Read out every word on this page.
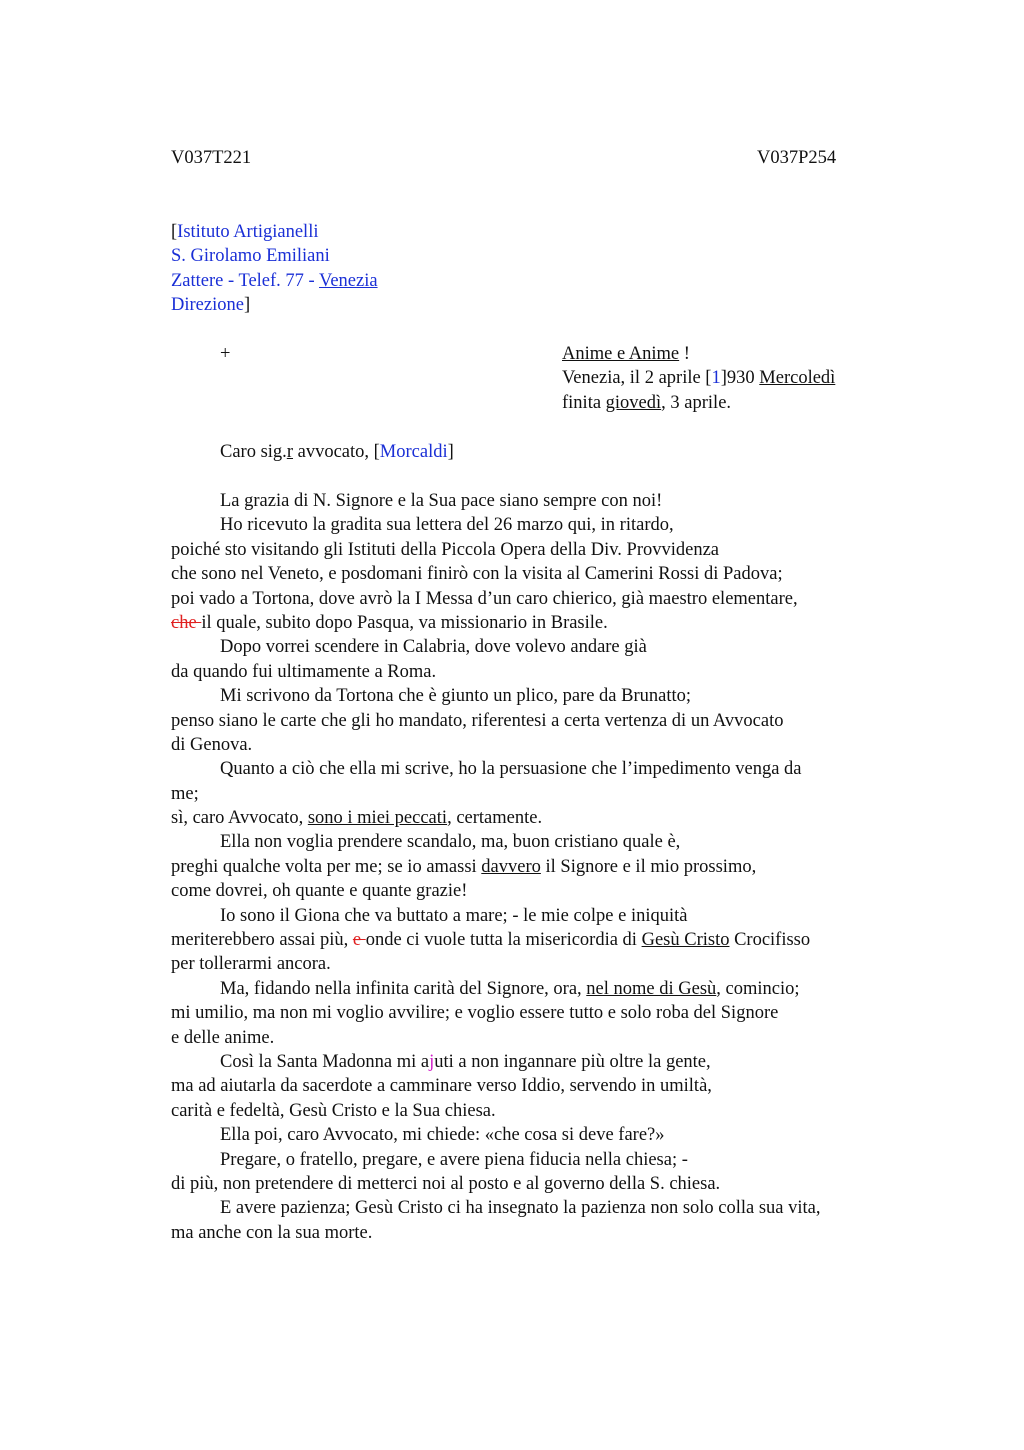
V037T221	V037P254
[Istituto Artigianelli
S. Girolamo Emiliani
Zattere - Telef. 77 - Venezia
Direzione]
+	Anime e Anime !
Venezia, il 2 aprile [1]930 Mercoledì
finita giovedì, 3 aprile.
Caro sig.r avvocato, [Morcaldi]
La grazia di N. Signore e la Sua pace siano sempre con noi!
Ho ricevuto la gradita sua lettera del 26 marzo qui, in ritardo,
poiché sto visitando gli Istituti della Piccola Opera della Div. Provvidenza
che sono nel Veneto, e posdomani finirò con la visita al Camerini Rossi di Padova;
poi vado a Tortona, dove avrò la I Messa d’un caro chierico, già maestro elementare,
che il quale, subito dopo Pasqua, va missionario in Brasile.
Dopo vorrei scendere in Calabria, dove volevo andare già
da quando fui ultimamente a Roma.
Mi scrivono da Tortona che è giunto un plico, pare da Brunatto;
penso siano le carte che gli ho mandato, riferentesi a certa vertenza di un Avvocato
di Genova.
Quanto a ciò che ella mi scrive, ho la persuasione che l’impedimento venga da
me;
sì, caro Avvocato, sono i miei peccati, certamente.
Ella non voglia prendere scandalo, ma, buon cristiano quale è,
preghi qualche volta per me; se io amassi davvero il Signore e il mio prossimo,
come dovrei, oh quante e quante grazie!
Io sono il Giona che va buttato a mare; - le mie colpe e iniquità
meriterebbero assai più, e onde ci vuole tutta la misericordia di Gesù Cristo Crocifisso
per tollerarmi ancora.
Ma, fidando nella infinita carità del Signore, ora, nel nome di Gesù, comincio;
mi umilio, ma non mi voglio avvilire; e voglio essere tutto e solo roba del Signore
e delle anime.
Così la Santa Madonna mi ajuti a non ingannare più oltre la gente,
ma ad aiutarla da sacerdote a camminare verso Iddio, servendo in umiltà,
carità e fedeltà, Gesù Cristo e la Sua chiesa.
Ella poi, caro Avvocato, mi chiede: «che cosa si deve fare?»
Pregare, o fratello, pregare, e avere piena fiducia nella chiesa; -
di più, non pretendere di metterci noi al posto e al governo della S. chiesa.
E avere pazienza; Gesù Cristo ci ha insegnato la pazienza non solo colla sua vita,
ma anche con la sua morte.
